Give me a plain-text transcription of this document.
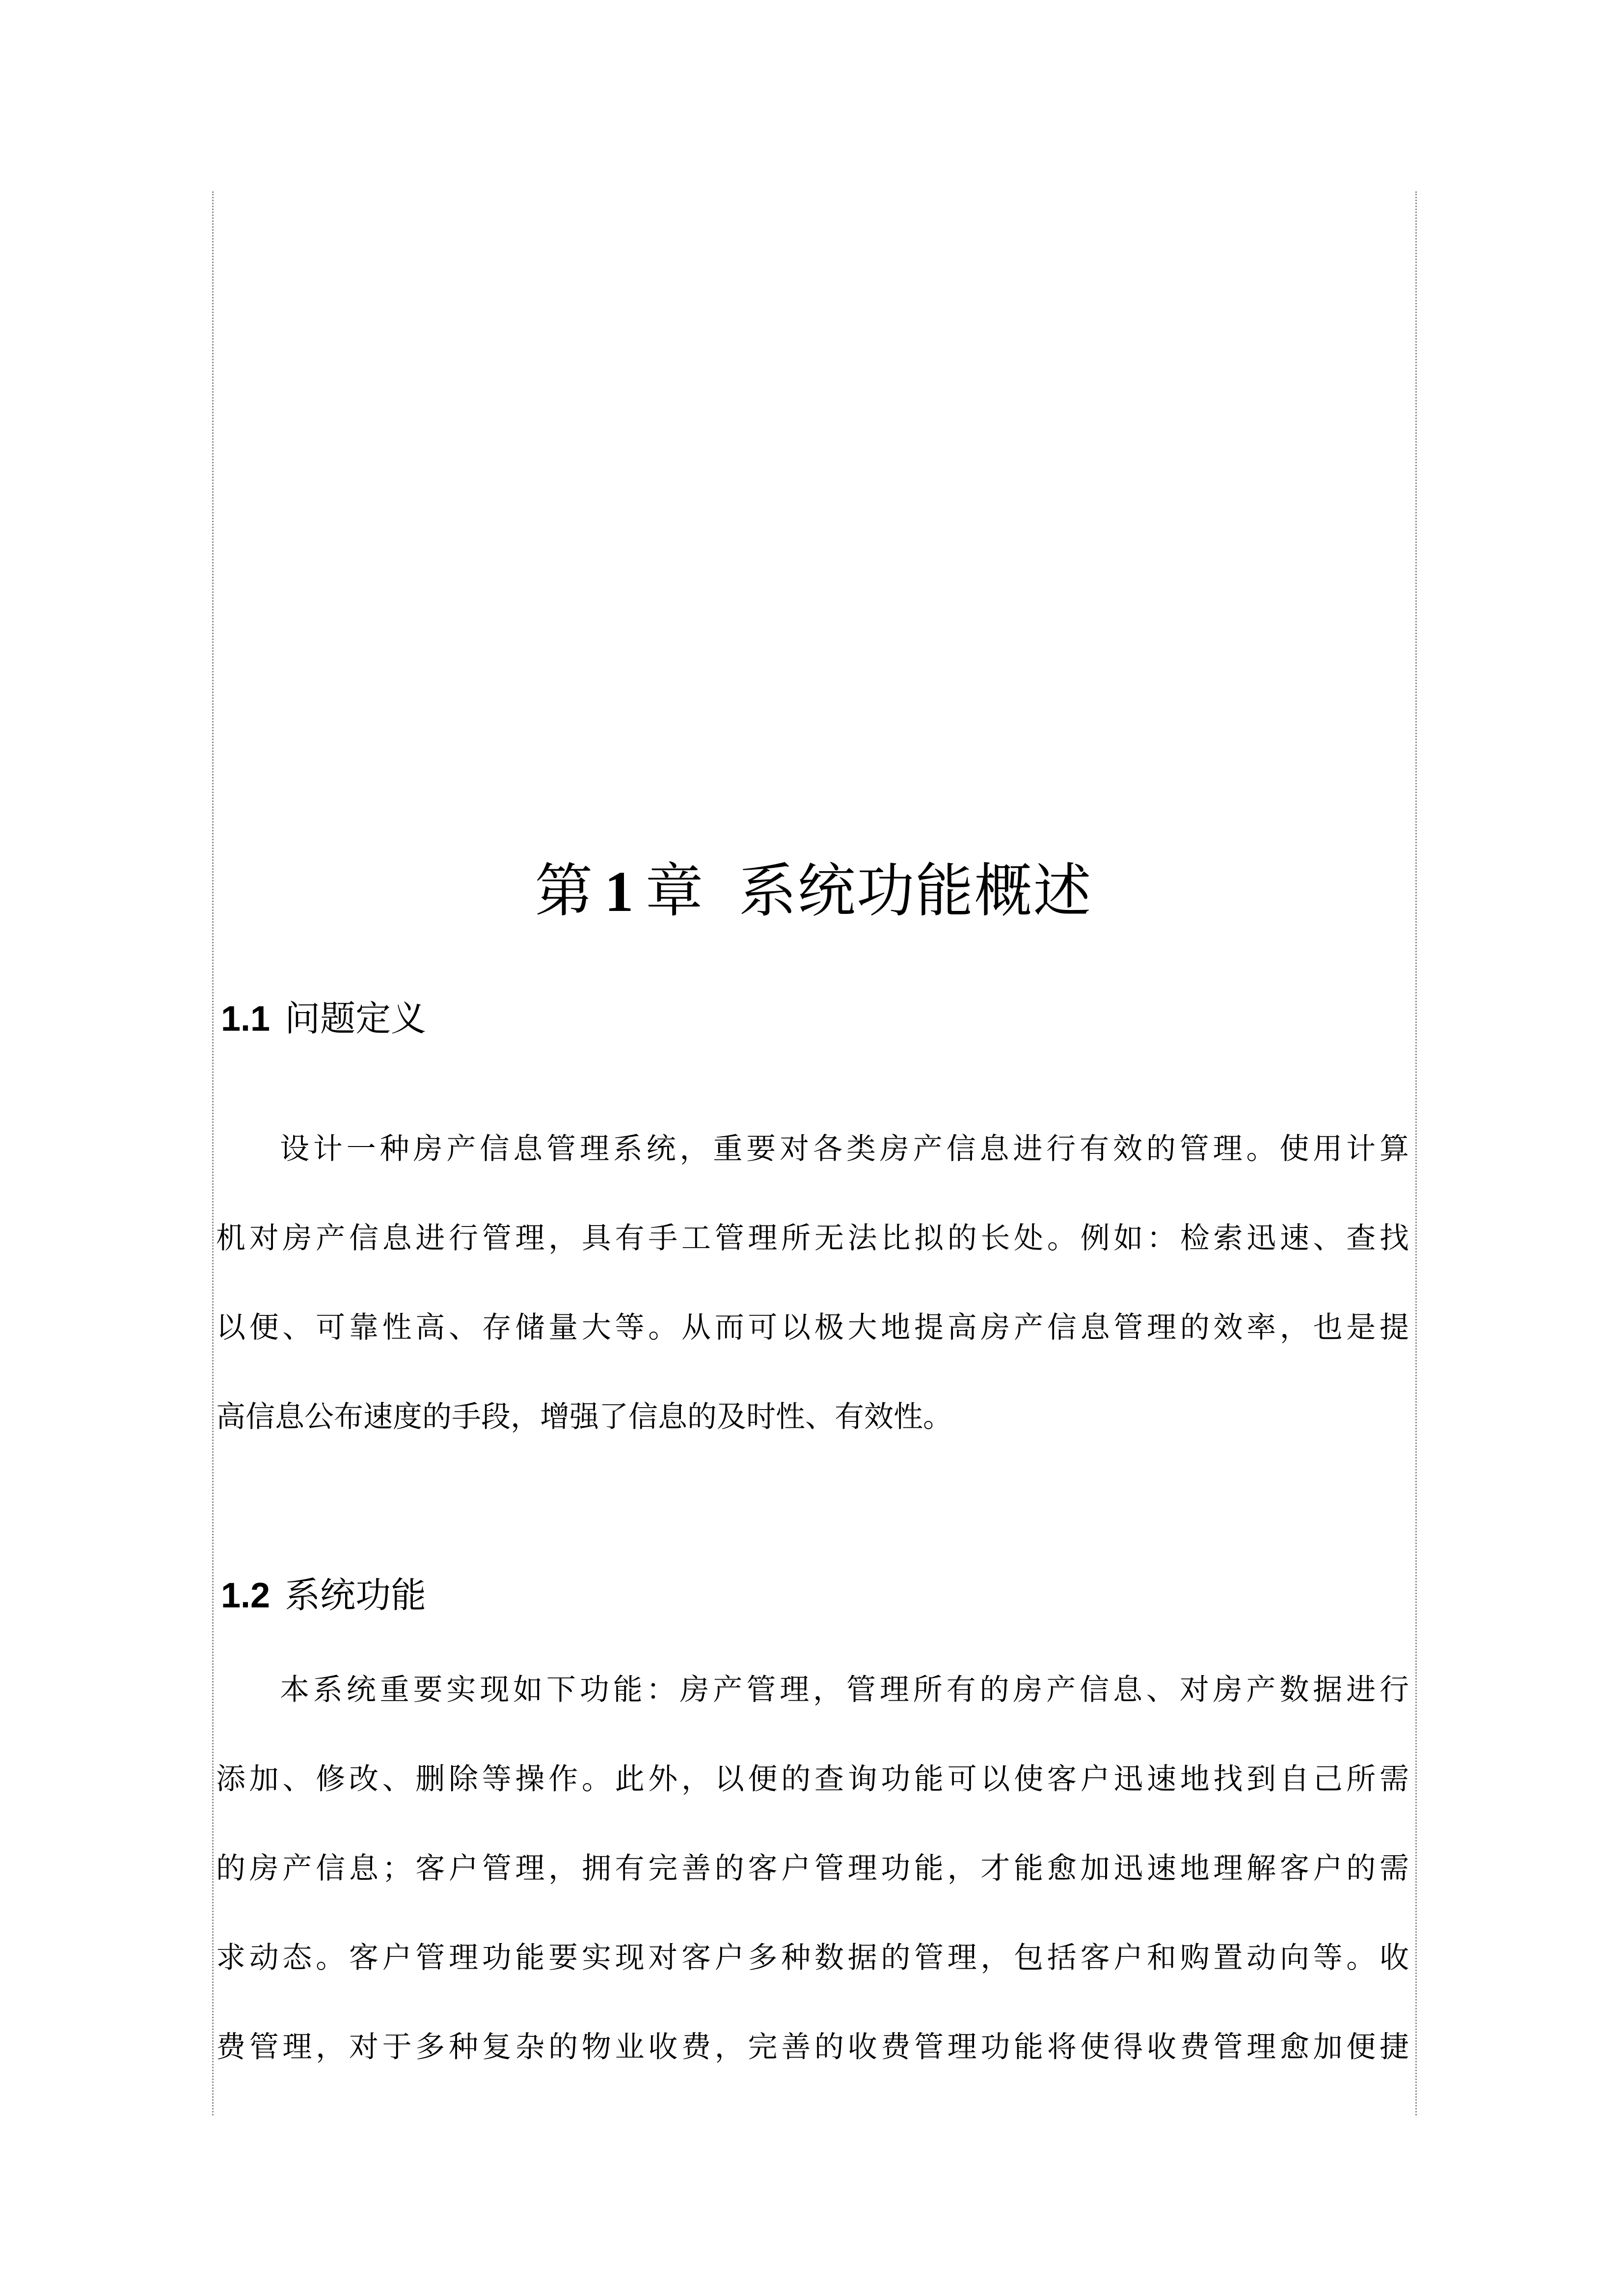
第 1 章 系统功能概述
1.1 问题定义

设计一种房产信息管理系统，重要对各类房产信息进行有效的管理。使用计算
机对房产信息进行管理，具有手工管理所无法比拟的长处。例如：检索迅速、查找
以便、可靠性高、存储量大等。从而可以极大地提高房产信息管理的效率，也是提
高信息公布速度的手段，增强了信息的及时性、有效性。

1.2 系统功能

本系统重要实现如下功能：房产管理，管理所有的房产信息、对房产数据进行
添加、修改、删除等操作。此外，以便的查询功能可以使客户迅速地找到自己所需
的房产信息；客户管理，拥有完善的客户管理功能，才能愈加迅速地理解客户的需
求动态。客户管理功能要实现对客户多种数据的管理，包括客户和购置动向等。收
费管理，对于多种复杂的物业收费，完善的收费管理功能将使得收费管理愈加便捷
